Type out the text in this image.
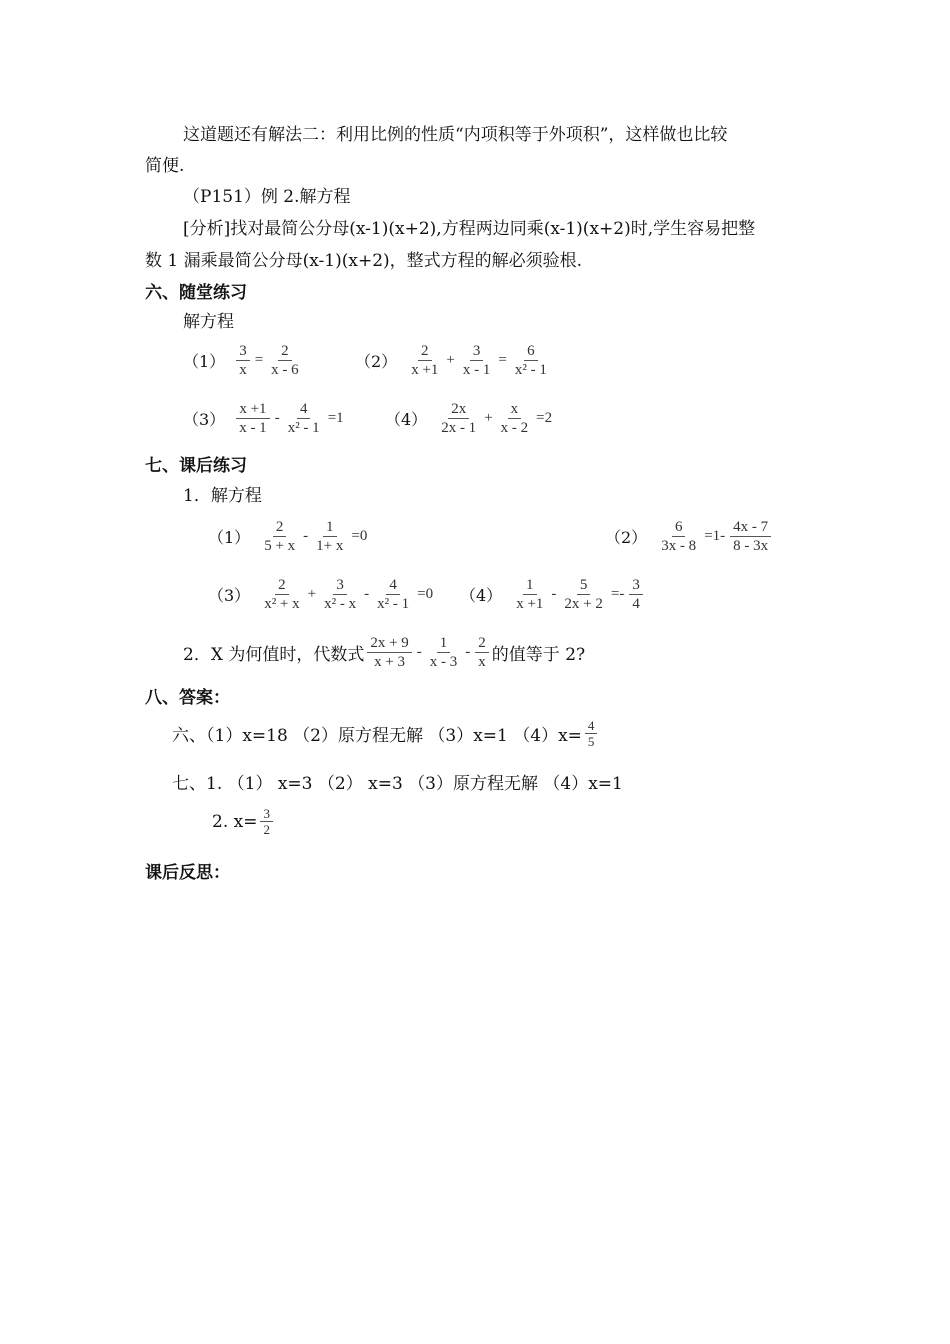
这道题还有解法二：利用比例的性质“内项积等于外项积”，这样做也比较
简便.
（P151）例 2.解方程
[分析]找对最简公分母(x-1)(x+2),方程两边同乘(x-1)(x+2)时,学生容易把整
数 1 漏乘最简公分母(x-1)(x+2)，整式方程的解必须验根.
六、随堂练习
解方程
$(1) \frac{3}{x} = \frac{2}{x - 6}$	$(2) \frac{2}{x +1} + \frac{3}{x - 1} = \frac{6}{\text{x² - 1}}$
$(3) \frac{x +1}{x - 1} - \frac{4}{\text{x² - 1}} =1$	$(4) \frac{2x}{2x - 1} + \frac{x}{x - 2} =2$
七、课后练习
1．解方程
$(1) \frac{2}{5 + x} - \frac{1}{1+ x} =0$	$(2) \frac{6}{3x - 8} =1- \frac{4x - 7}{8 - 3x}$
$(3) \frac{2}{\text{x² + x}} + \frac{3}{\text{x² - x}} - \frac{4}{\text{x² - 1}} =0$ $(4) \frac{1}{x +1} - \frac{5}{2x + 2} =- \frac{3}{4}$
2．X 为何值时，代数式 $\frac{2x + 9}{x + 3} - \frac{1}{x - 3} - \frac{2}{x}$ 的值等于 2?
八、答案：
六、（1）x=18 （2）原方程无解 （3）x=1 $(4)x= \frac{4}{5}$
七、1. （1） x=3 （2） x=3 （3）原方程无解 （4）x=1
2. $x= \frac{3}{2}$
课后反思：
